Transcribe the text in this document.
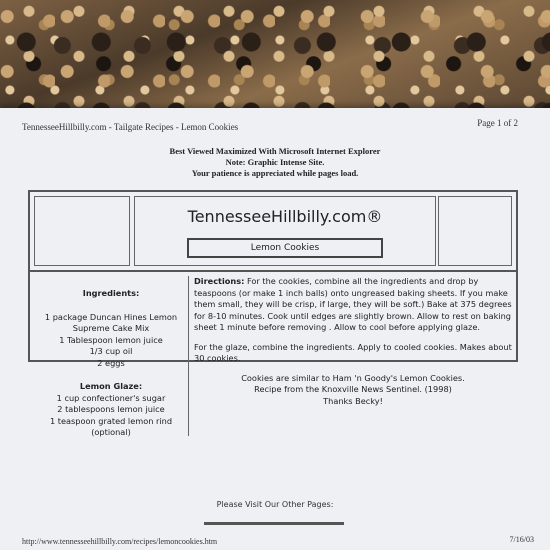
TennesseeHillbilly.com - Tailgate Recipes - Lemon Cookies	Page 1 of 2
Best Viewed Maximized With Microsoft Internet Explorer
Note: Graphic Intense Site.
Your patience is appreciated while pages load.
TennesseeHillbilly.com®
Lemon Cookies
Ingredients:
1 package Duncan Hines Lemon
Supreme Cake Mix
1 Tablespoon lemon juice
1/3 cup oil
2 eggs
Lemon Glaze:
1 cup confectioner's sugar
2 tablespoons lemon juice
1 teaspoon grated lemon rind
(optional)

Directions: For the cookies, combine all the ingredients and drop by teaspoons (or make 1 inch balls) onto ungreased baking sheets. If you make them small, they will be crisp, if large, they will be soft.) Bake at 375 degrees for 8-10 minutes. Cook until edges are slightly brown. Allow to rest on baking sheet 1 minute before removing . Allow to cool before applying glaze.

For the glaze, combine the ingredients. Apply to cooled cookies. Makes about 30 cookies.

Cookies are similar to Ham 'n Goody's Lemon Cookies.
Recipe from the Knoxville News Sentinel. (1998)
Thanks Becky!
Please Visit Our Other Pages:
http://www.tennesseehillbilly.com/recipes/lemoncookies.htm	7/16/03
